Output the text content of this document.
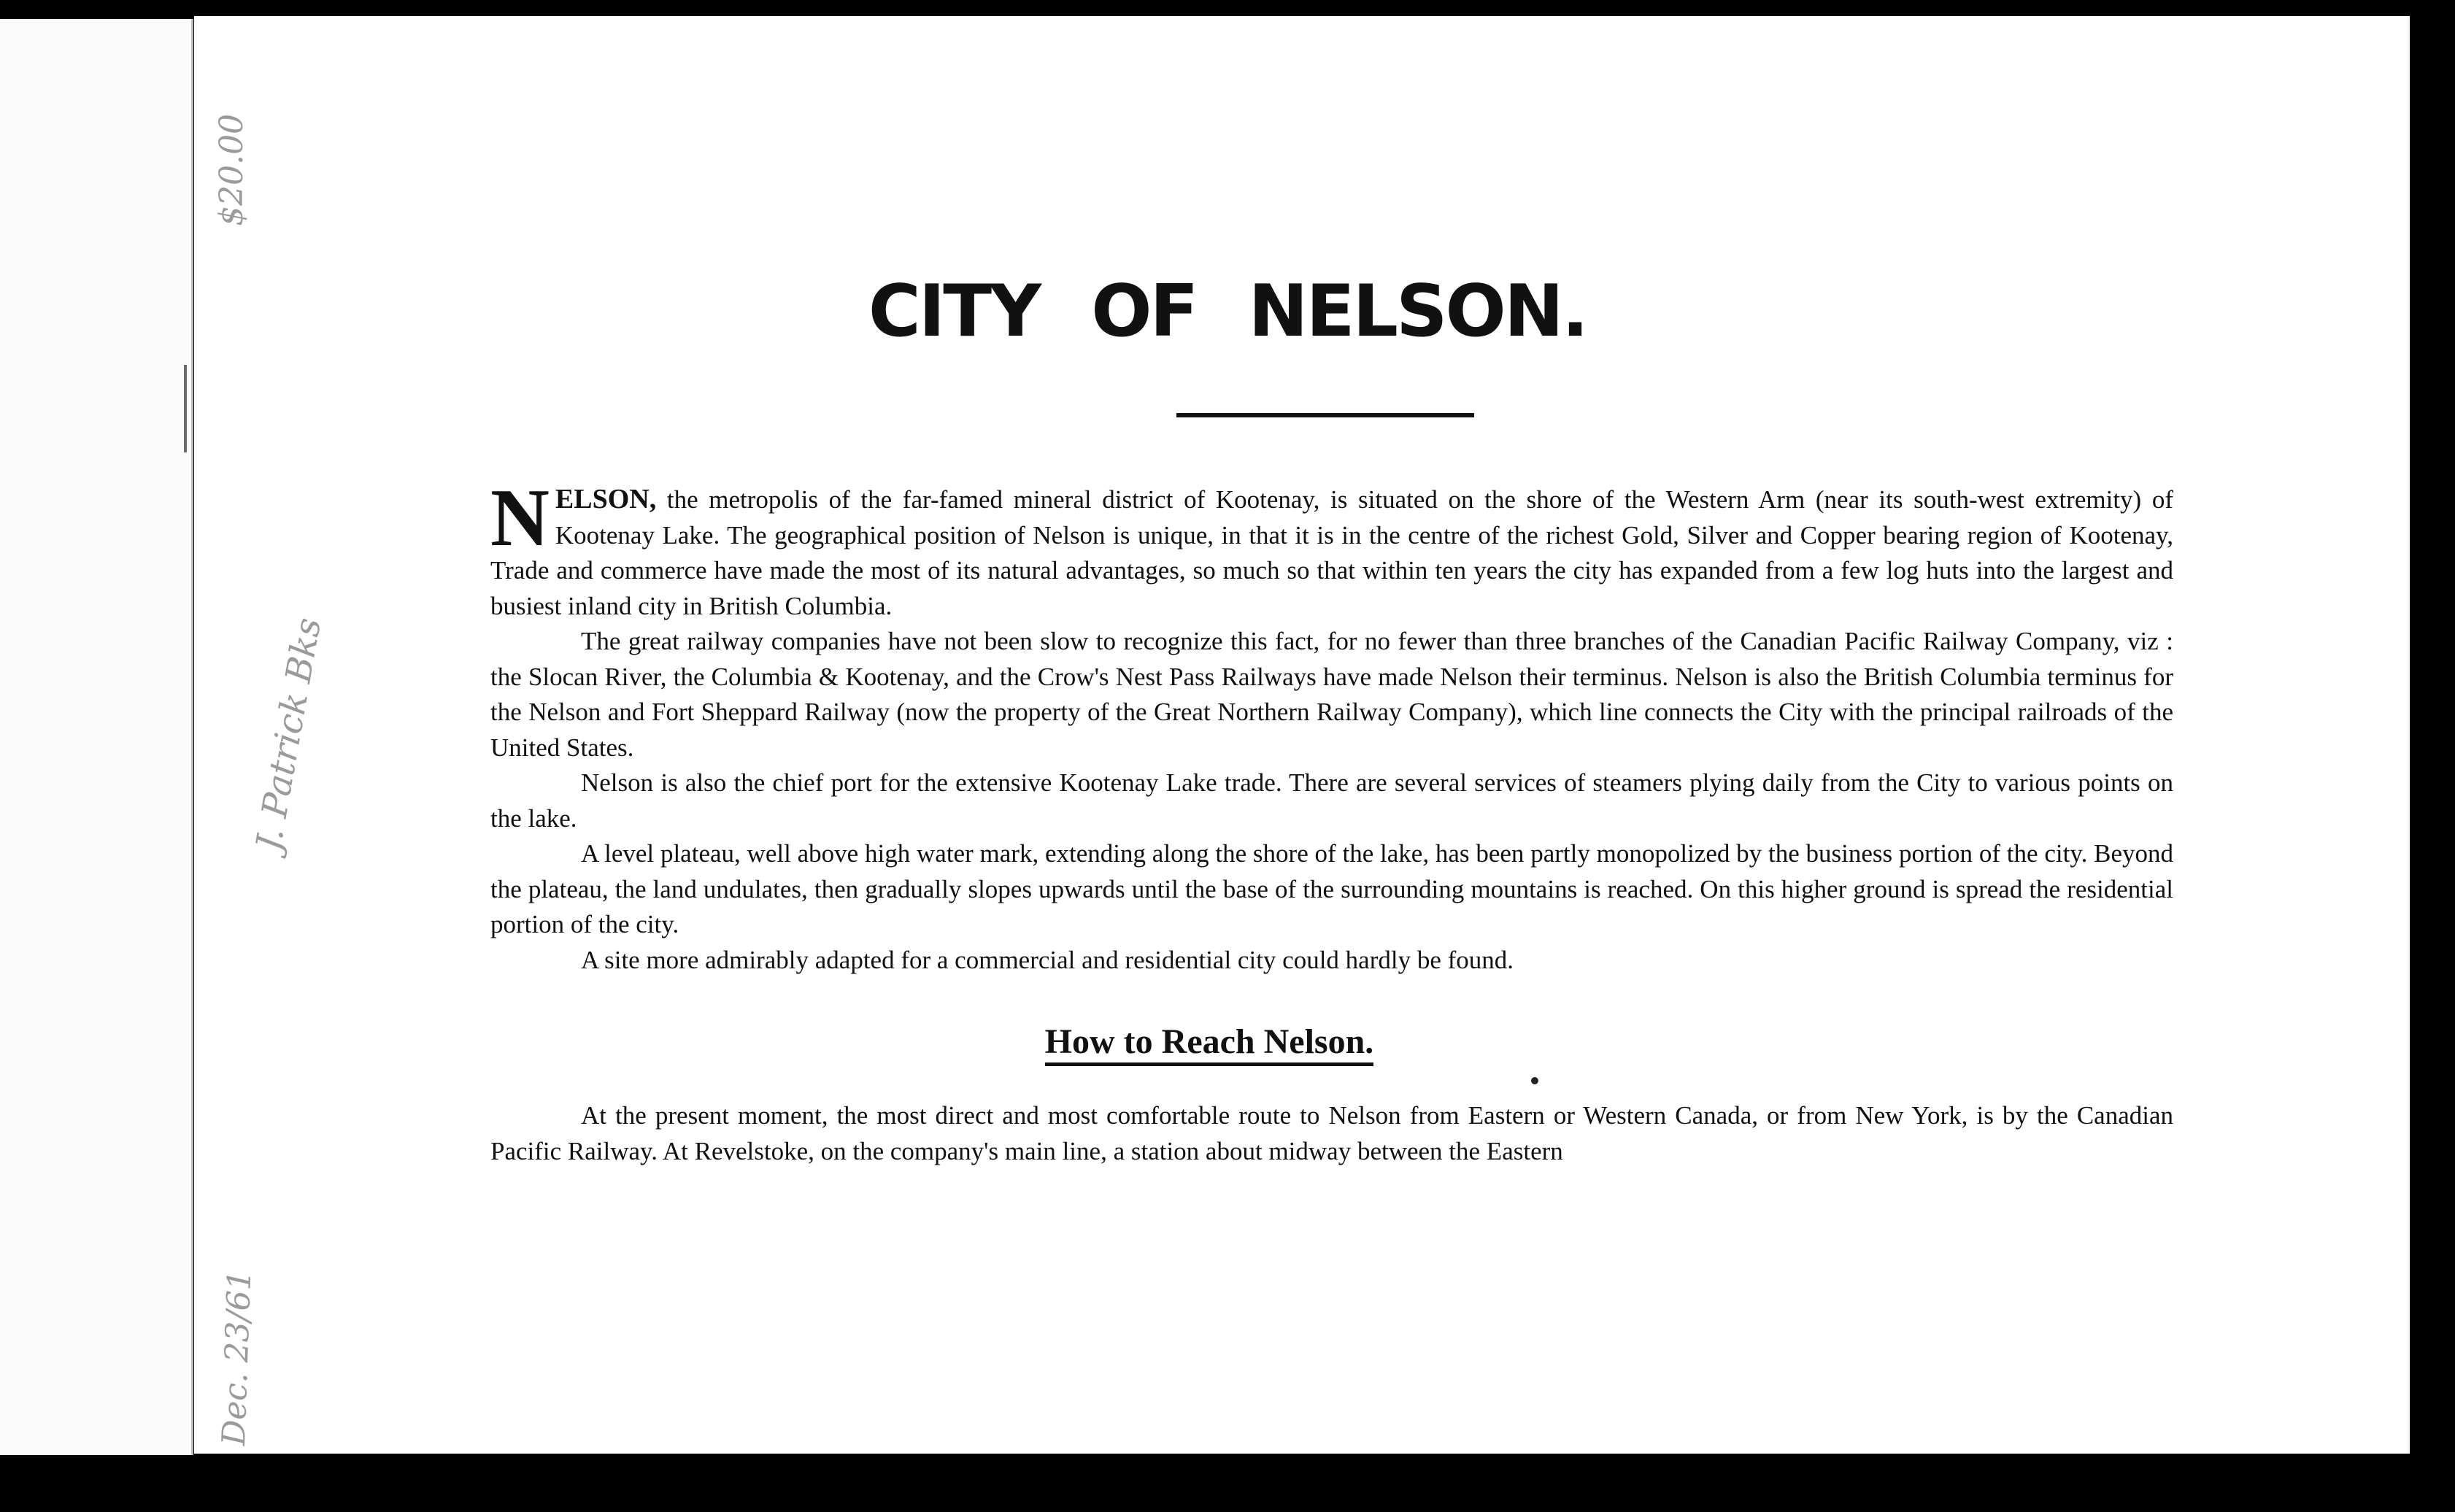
$20.00
J. Patrick Bks
Dec. 23/61
CITY OF NELSON.

NELSON, the metropolis of the far-famed mineral district of Kootenay, is situated on the shore of the Western Arm (near its south-west extremity) of Kootenay Lake. The geographical position of Nelson is unique, in that it is in the centre of the richest Gold, Silver and Copper bearing region of Kootenay, Trade and commerce have made the most of its natural advantages, so much so that within ten years the city has expanded from a few log huts into the largest and busiest inland city in British Columbia.

The great railway companies have not been slow to recognize this fact, for no fewer than three branches of the Canadian Pacific Railway Company, viz : the Slocan River, the Columbia & Kootenay, and the Crow's Nest Pass Railways have made Nelson their terminus. Nelson is also the British Columbia terminus for the Nelson and Fort Sheppard Railway (now the property of the Great Northern Railway Company), which line connects the City with the principal railroads of the United States.

Nelson is also the chief port for the extensive Kootenay Lake trade. There are several services of steamers plying daily from the City to various points on the lake.

A level plateau, well above high water mark, extending along the shore of the lake, has been partly monopolized by the business portion of the city. Beyond the plateau, the land undulates, then gradually slopes upwards until the base of the surrounding mountains is reached. On this higher ground is spread the residential portion of the city.

A site more admirably adapted for a commercial and residential city could hardly be found.

How to Reach Nelson.
At the present moment, the most direct and most comfortable route to Nelson from Eastern or Western Canada, or from New York, is by the Canadian Pacific Railway. At Revelstoke, on the company's main line, a station about midway between the Eastern
